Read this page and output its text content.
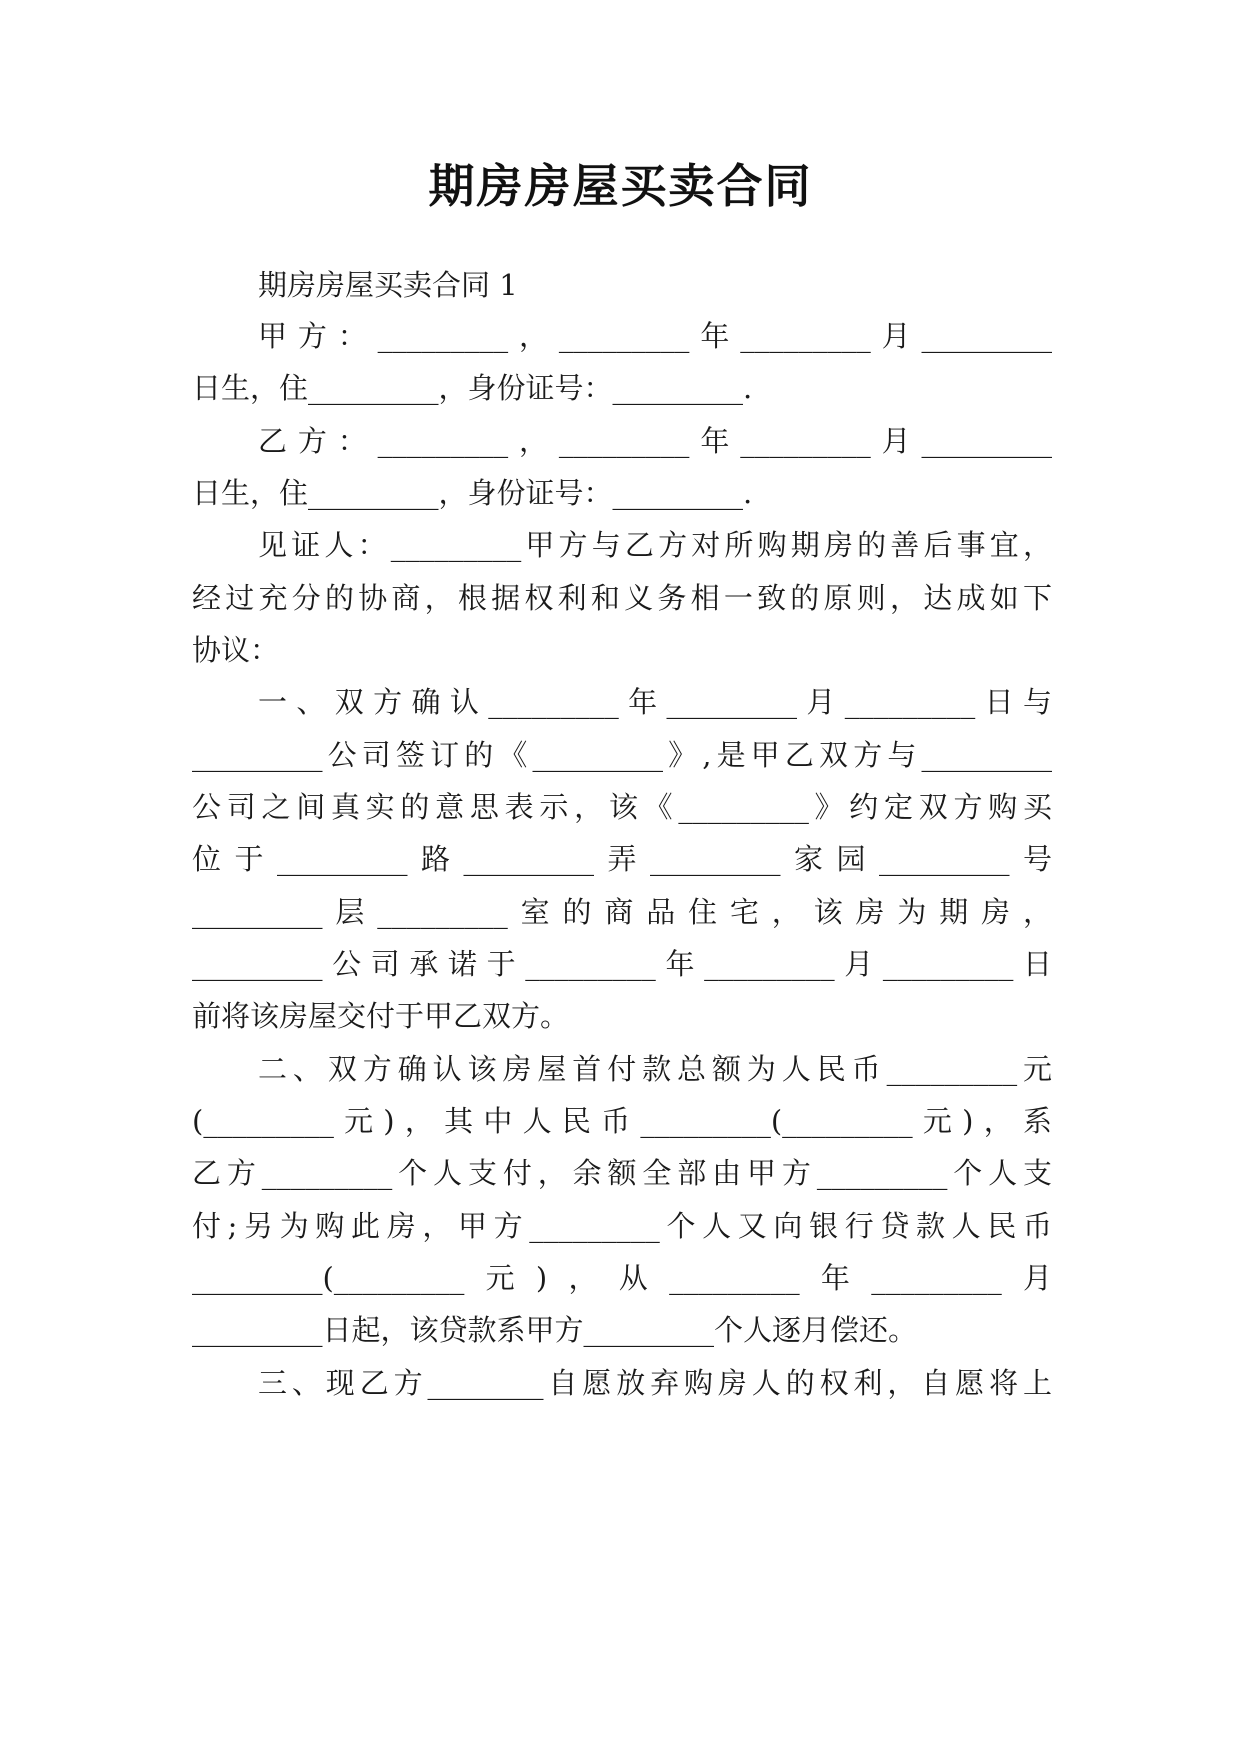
期房房屋买卖合同
期房房屋买卖合同 1
甲方：_________，_________年_________月_________
日生，住_________，身份证号：_________.
乙方：_________，_________年_________月_________
日生，住_________，身份证号：_________.
见证人：_________甲方与乙方对所购期房的善后事宜，
经过充分的协商，根据权利和义务相一致的原则，达成如下
协议：
一、双方确认_________年_________月_________日与
_________公司签订的《_________》,是甲乙双方与_________
公司之间真实的意思表示，该《_________》约定双方购买
位于_________路_________弄_________家园_________号
_________层_________室的商品住宅，该房为期房，
_________公司承诺于_________年_________月_________日
前将该房屋交付于甲乙双方。
二、双方确认该房屋首付款总额为人民币_________元
(_________元)，其中人民币_________(_________元)，系
乙方_________个人支付，余额全部由甲方_________个人支
付;另为购此房，甲方_________个人又向银行贷款人民币
_________(_________元)，从_________年_________月
_________日起，该贷款系甲方_________个人逐月偿还。
三、现乙方________自愿放弃购房人的权利，自愿将上
